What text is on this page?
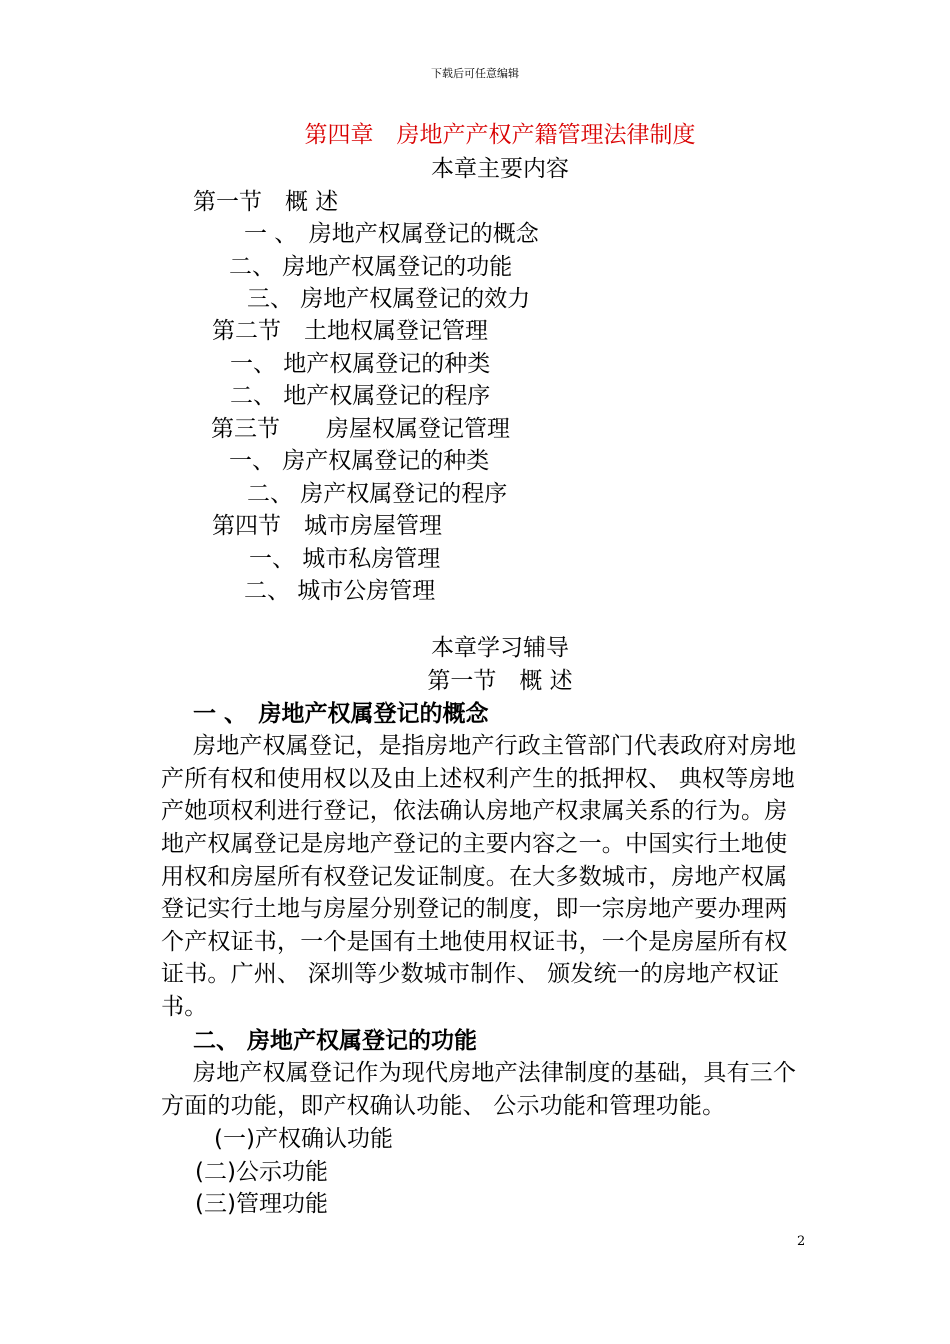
下载后可任意编辑
第四章　房地产产权产籍管理法律制度
本章主要内容
第一节　概 述
一 、　房地产权属登记的概念
二、 房地产权属登记的功能
三、 房地产权属登记的效力
第二节　土地权属登记管理
一、 地产权属登记的种类
二、 地产权属登记的程序
第三节　　房屋权属登记管理
一、 房产权属登记的种类
二、 房产权属登记的程序
第四节　城市房屋管理
一、 城市私房管理
二、 城市公房管理
本章学习辅导
第一节　概 述
一 、　房地产权属登记的概念
房地产权属登记，是指房地产行政主管部门代表政府对房地
产所有权和使用权以及由上述权利产生的抵押权、 典权等房地
产她项权利进行登记，依法确认房地产权隶属关系的行为。房
地产权属登记是房地产登记的主要内容之一。中国实行土地使
用权和房屋所有权登记发证制度。在大多数城市，房地产权属
登记实行土地与房屋分别登记的制度，即一宗房地产要办理两
个产权证书，一个是国有土地使用权证书，一个是房屋所有权
证书。广州、 深圳等少数城市制作、 颁发统一的房地产权证
书。
二、 房地产权属登记的功能
房地产权属登记作为现代房地产法律制度的基础，具有三个
方面的功能，即产权确认功能、 公示功能和管理功能。
(一)产权确认功能
(二)公示功能
(三)管理功能
2
